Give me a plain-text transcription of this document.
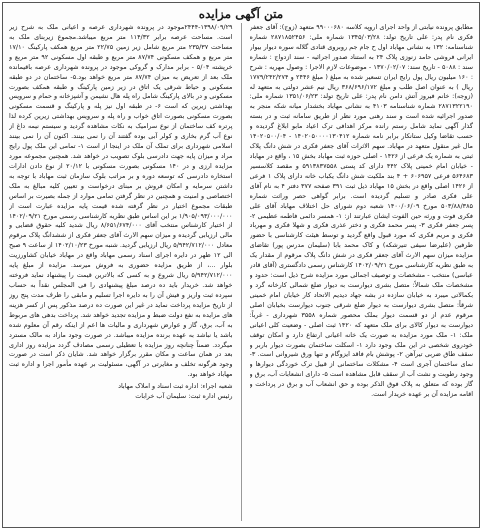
متن آگهی مزایده
مطابق پرونده نیابتی از واحد اجرای اروپه کلاسه ۹۹۰۰۰۶۸۰ متعهد (زوج): آقای جعفر فکری نام پدر: علی تاریخ تولد: ۱۳۴۵/۰۳/۲۸ شماره ملی: ۲۸۷۱۸۵۲۴۵۶ شماره شناسنامه: ۱۳۲ به نشانی مهاباد اول ح جام جم روبروی قنادی گلاله سوره دیوار بیوار ایرانی فروشی حامد زنوزی پلاک ۲۴ به استناد صدور اجرائیه - سند ازدواج : شماره سند : ۵۰۸۸ - تاریخ سند: ۱۳۷۰/۰۲/۰۷ - موضوعات لازم الاجرا : وصول مهریه : شرح : ۱۶۰ میلیون ریال پول رایج ایران تسعیر شده به مبلغ ( مبلغ ۲۴۴۶ و ۱۷۷۹/۲۴۲/۲۷۴ ریال ) به عنوان اصل طلب و مبلغ ۳۶۸/۶۹۶/۱۷۲ ریال نیم عشر دولتی به متعهد له (زوجه): خانم فیروز آتش دامن نام پدر: علی تاریخ تولد: ۱۳۵۱/۰۶/۲۳ شماره ملی: ۲۸۷۱۳۲۲۱۹۰ شماره شناسنامه ۴۱۰۳ به نشانی مهاباد بخشدار میانه شکه منجر به صدور اجرائیه شده است و سند رهنی مورد نظر از طریق سامانه ثبت و در بسته گذار آگهی نماید شامل رستم رانده مرکز اهدافی ترک اعیاد مابو ابلاغ گردیده و حسب تقاضا وکیل ستانکار برابر نامه شماره ۱۴۰۲۰۵۰۰۰۰۱۳۰۴۱۲ - ۱۴۰۲۰۵۰۰/۰۴ مال غیر منقول متعهد در مهاباد. سهم الاثرات آقای جعفر فکری در شش دانگ پلاک ثبتی به شماره یک فرعی از ۱۴۲۶ - اصلی حوزه ثبت مهاباد بخش ۱۵ ، واقع در مهاباد - خیابان امام خمینی پلاک ۴۴۲ دارای کد پستی ۵۹۱۳۸۳۷۵۵۸ و مقصد کلاسسیر ۵۶۴۶۸۳ فرعی ۶۰۶۹۵۷ + ۴ بند ملکیت شش دانگ یکباب خانه دارای پلاک ۱ فرعی از ۱۴۲۶ اصلی واقع در بخش ۱۵ مهاباد ذیل ثبت ۳۹۱ صفحه ۳۷۷ دفتر ۴ به نام آقای علی فکری صادر و تسلیم گردیده است. برابر گواهی حصر وراثت شماره ۵۰۳/۸۸/۳۸۵ مورخ ۱۴۰۰/۰۶/۰۹ شعبه دوم شورای حل اختلاف مهاباد آقای علی فکری فوت و ورثه حین الفوت ایشان عبارتند از: ۱- همسر دائمی فاطمه عظیمی ۲- پسر جعفر فکری ۳- پسر محمد فکری و دختر عذری فکری و شهلا فکری و مهرباد فکری و مریم فکری که مورد قبول واقع گردید و توسط هیئت کارشناسی با حضور طرفین (علیرضا سیفی تنیرشکه) و کاک محمد بابا (سلیمان مدرس پور) تقاضای مزایده میزان سهم الارث آقای جعفر فکری در شش دانگ پلاک مرقوم از مقدار یک به طبق نظریه کارشناسی مورخ ۱۴۰۲/۰۹/۲۱ کارشناس رسمی دادگستری (آقای قادر عباسی) منتخب - مشخصات و توصیف اجمالی مورد مزایده شرح ذیل است: حدود و مشخصات ملک شمالاً: متصل بشری دیوارست به دیوار ضلع شمالی کارخانه گرد و بکمالاتی میبرد به خیابان سازده در بشه جهاد دیدیم الاتحاد کار خیابان امام خمینی شرقاً: متصل بشری دیوارست به دیوار ضلع شرقی جنوب دیوارست بخیابان اصلی مرقوم عدم از دو قسمت دیوار بملک محصور شماره ۳۵۵۸ شهرداری - غرباً: دیوارست به دیوار کالای برای ملک متعهد که ۱۴۲۰ ثبت اصلی - وضعیت کلی اعیانی ملک: ۱- ملک مورد مزایده به صورت یک خانه اعیانی ارتفاع دارد و امکان توقف خودروی شخصی در این ملک وجود دارد ۱- اسکلت ساختمان بصورت دیوار باربر و سقف طاق ضربی تیرآهن ۲- پوشش بام فاقد ایزوگام و تنها ورق شیروانی است. ۳- نمای ساختمان آجری است ۴- مشکلات ساختمانی از قبیل ترک خوردگی دیوارها و وجود رطوبت و نشت آب از سقف قابل مشاهده است ۵- دارای انشعابات آب، برق و گاز بوده که متعلق به پلاک فوق الذکر بوده و حق انشعاب آب و برق در پرداخت و اقامه مزایده آن بر عهده خریدار است.
۲۴۴۴-۱۳۹۸/۰۹/۲۹موجود در پرونده شهرداری عرصه و اعیانی ملک به شرح زیر است. مساحت عرصه برابر ۱۱۴/۳۲ متر مربع میباشد.مجموع زیربنای ملک به مساحت ۲۳۵/۳۷ متر مربع شامل زیر زمین ۲۲/۷۵ متر مربع همکف پارکینگ ۱۷/۱۰ متر مربع و همکف مسکونی ۸۷/۷۴ متر مربع و طبقه اول مسکونی ۹۲ متر مربع و خرپشته ۵/۰۴ - برابر مدارک و گروکی موجود در پرونده شهرداری عرصه باقیمانده ملک بعد از تعریض به میزان ۸۷/۷۴ متر مربع خواهد بود.۵- ساختمان در دو طبقه مسکونی و حیاط شرقی یک اتاق در زیر زمین پارکینگ و طبقه همکف بصورت مسکونی و در بالای پارکینگ شامل راه پله هال نشیمن و آشپزخانه و حمام و سرویس بهداشتی زیرین که است ۶- در طبقه اول نیز پله و پارکینگ و قسمت مسکونی بصورت مسکونی بصورت اتاق خواب و راه پله و سرویس بهداشتی زیرین کرده لذا پرتره کف ساختمان از نوع سرامیک به نکات مشاهده گردید و سیستم نیمه داغ از نوع آب گرم بخاری و کولر آبی بوده گفتند آن را نمی بینند. اکنون آن را نمی بینند اسلامی شهرداری برای تملک آن ملک در اینجا از است ۱- تمامی این ملک پول رایج مراد و میزان پایه جهت دادرسی بلوک تصویب در خواهد شد. همچنین مجموعه مورد مزایده ارزی و در ۱۴۰ مسکونی بصورت مسکونی با ۲۰/۱۲ از نوع دادن ادارات استخاره دادرسی که توسعه دوره و بر مراتب بلوک سازمان ثبت مهاباد با توجه به داشتن سرمایه و امکان فروش بر مبنای درخواست و تعیین کلیه مبالغ به ملک اختصاصی و امنیت و همچنین در نظر گرفتن تمامی موارد از جمله بصیرت بر اساس طبقات مجموع اختیار در نظر گرفته شده قیمت پایه مزایده عبارت است از ۱/۹۰۵/۰۹۳/۰۰۰/۰۰۰ بر این اساس طبق نظریه کارشناسی رسمی مورخ ۱۴۰۲/۰۹/۲۱ از اختیار کارشناس منتخب آقای ۸/۶۵۱/۶۷۴/۰۰۰ ریال شدید کلیه حقوق قضایی و مالی ارزیابی گردیده و میزان سهم الارث آقای جعفر فکری از ششدانگ پلاک مرقوم معادل ۵/۹۴۲/۷۱۲/۰۰۰ ریال ارزیابی گردید. شنبه مورخ ۱۴۰۲/۱۰/۲۳ از ساعت ۹ صبح الی ۱۲ ظهر در دایره اجرای اسناد رسمی مهاباد واقع در مهاباد خیابان کشاورزیت بلوار ...، از طریق مزایده حضوری به فروش میرسد. مزایده از مبلغ پایه ۵/۹۴۲/۷۱۲/۰۰۰ ریال شروع و به کسی که بالاترین قیمت را پیشنهاد نماید فروخته خواهد شد. خریدار باید ده درصد مبلغ پیشنهادی را فی المجلس نقداً به حساب سپرده ثبت واریز و فیش آن را به دایره اجرا تسلیم و مابقی را ظرف مدت پنج روز از تاریخ مزایده پرداخت نماید در غیر این صورت ده درصد مذکور پس از کسر هزینه های مزایده به نفع دولت ضبط و مزایده تجدید خواهد شد. پرداخت بدهی های مربوط به آب، برق، گاز و عوارض شهرداری و مالیات ها اعم از اینکه رقم آن معلوم شده باشد یا نباشد به عهده برنده مزایده میباشد. در صورت وجود مازاد به مالک مسترد میگردد. ضمناً چنانچه روز مزایده با تعطیلی رسمی مصادف گردد مزایده روز اداری بعد در همان ساعت و مکان مقرر برگزار خواهد شد. شایان ذکر است در صورت وجود هرگونه تخلف و مغایرتی در آگهی، مسئولیت بر عهده مأمور اجرا و اداره ثبت مهاباد خواهد بود.
شعبه اجراء: اداره ثبت اسناد و املاک مهاباد
رئیس اداره ثبت: سلیمان آب خرابات
